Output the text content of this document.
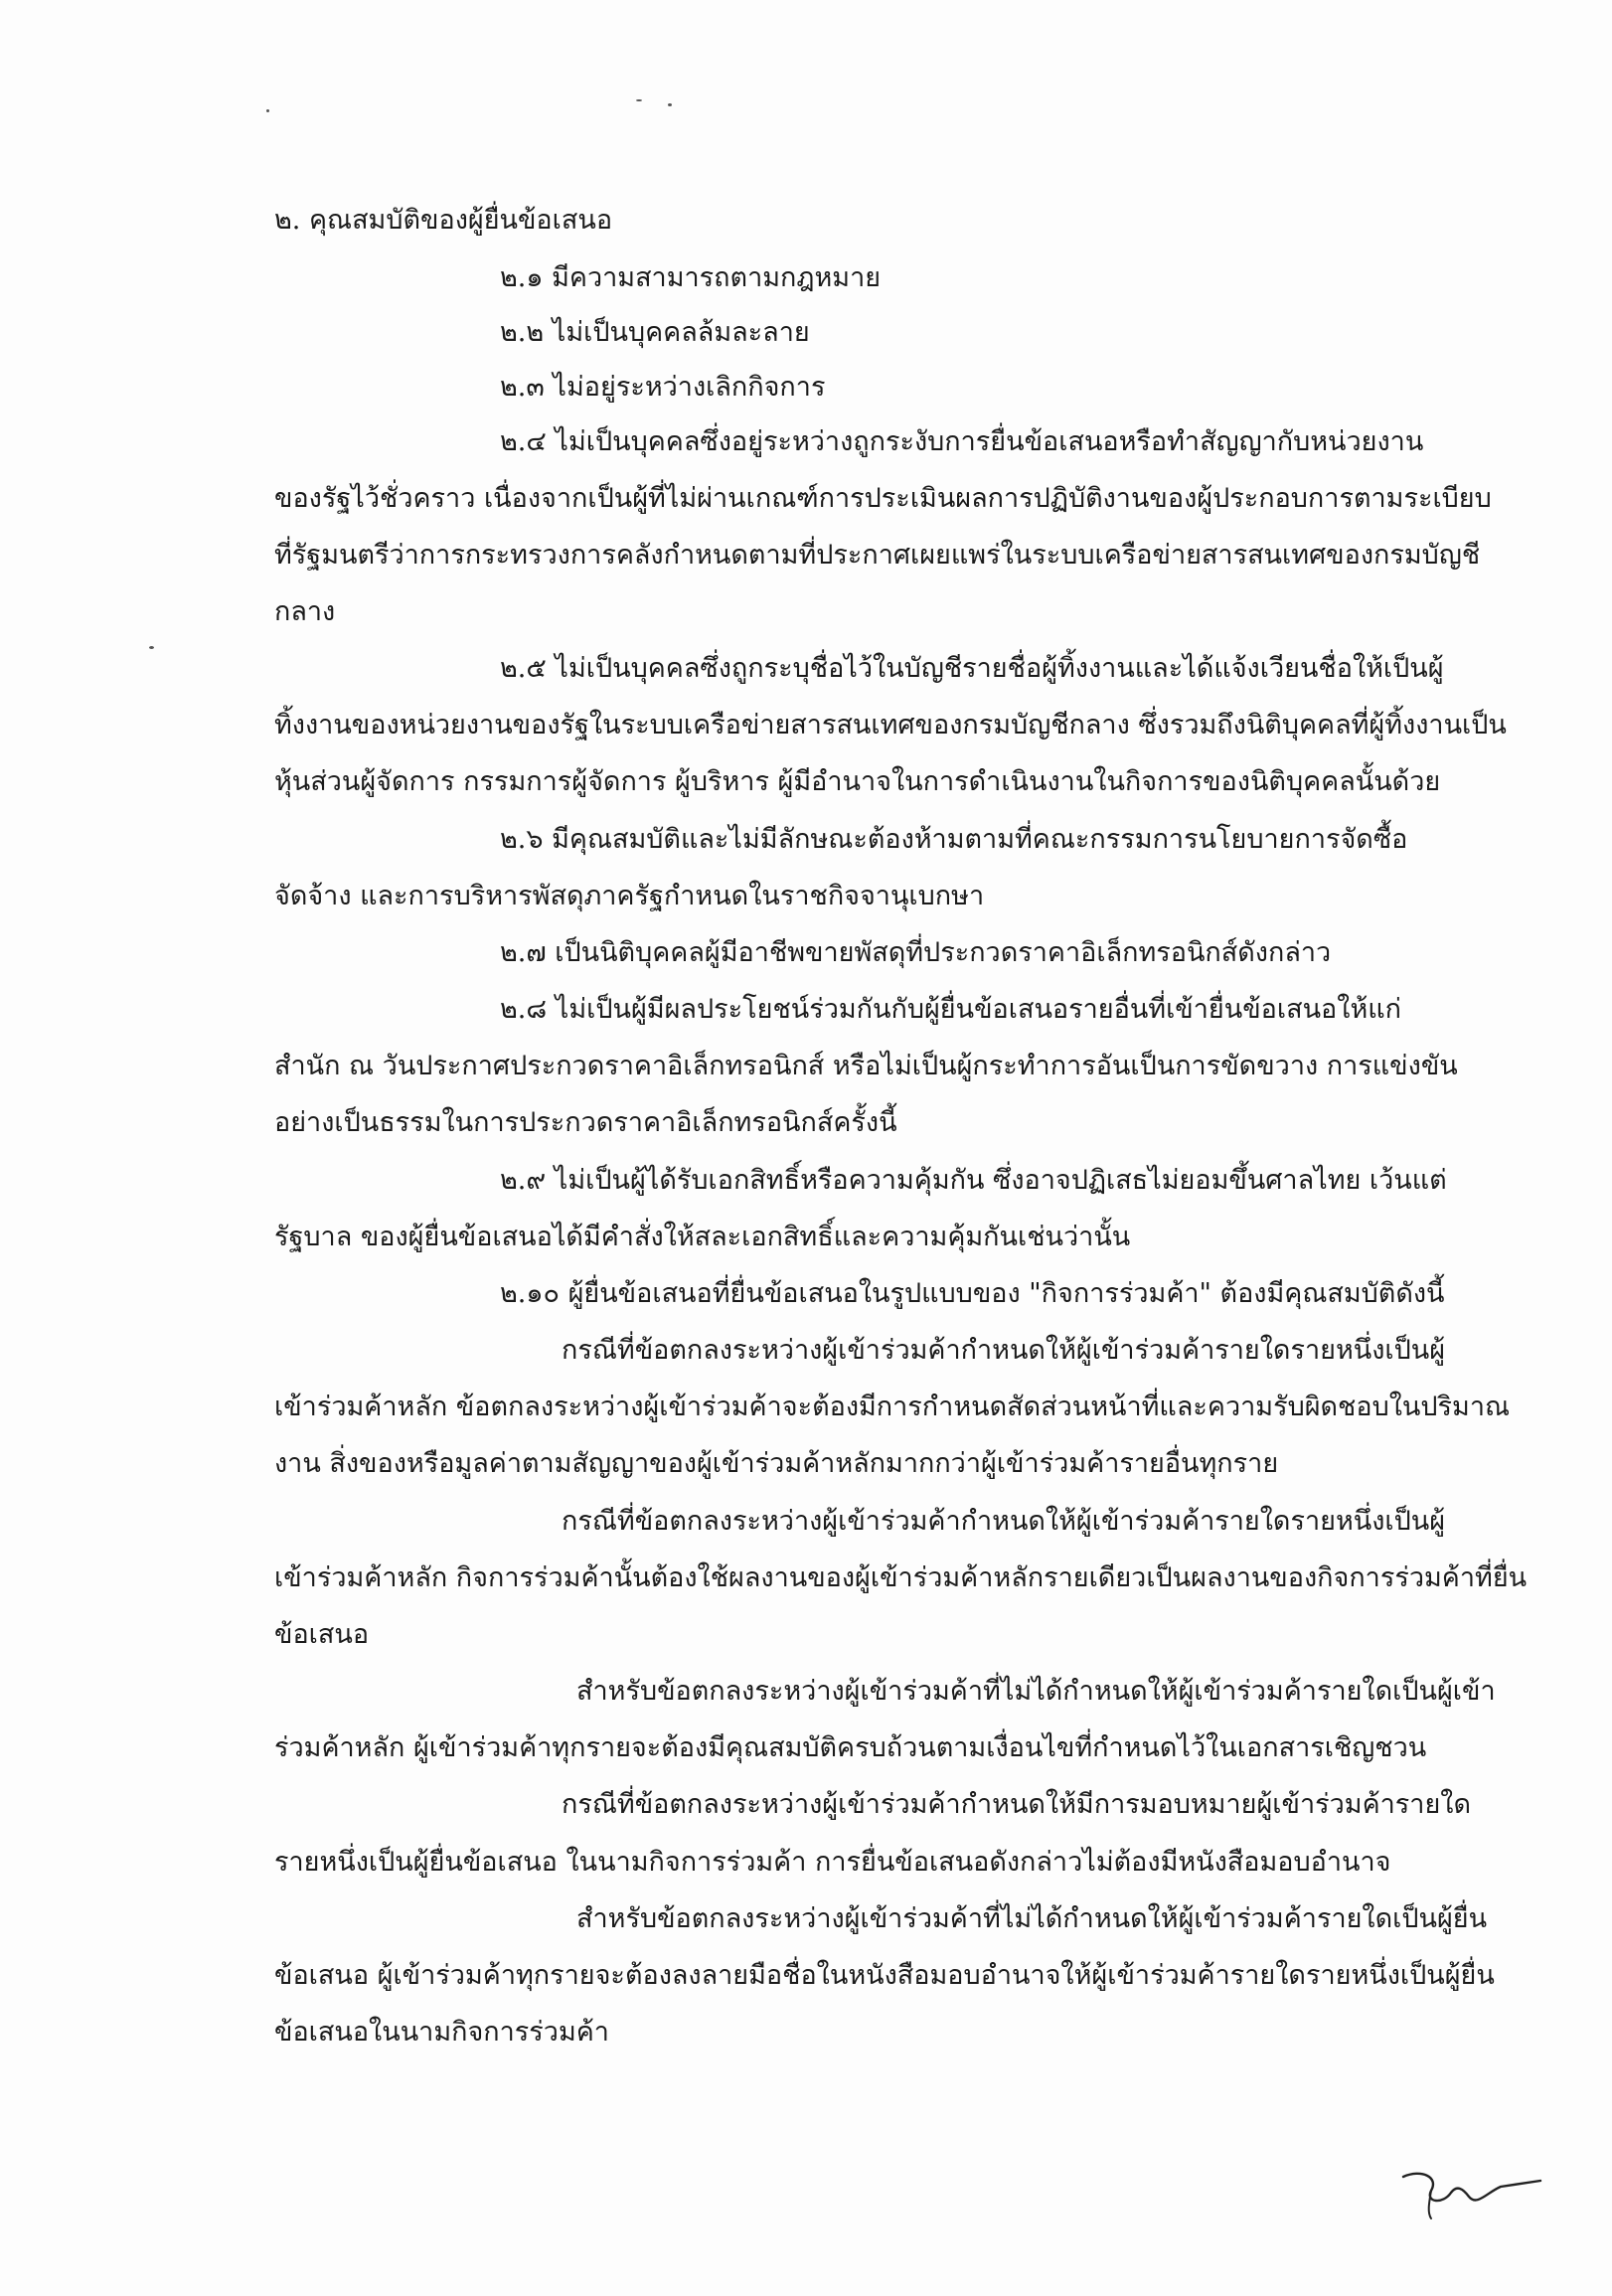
๒. คุณสมบัติของผู้ยื่นข้อเสนอ
๒.๑ มีความสามารถตามกฎหมาย
๒.๒ ไม่เป็นบุคคลล้มละลาย
๒.๓ ไม่อยู่ระหว่างเลิกกิจการ
๒.๔ ไม่เป็นบุคคลซึ่งอยู่ระหว่างถูกระงับการยื่นข้อเสนอหรือทำสัญญากับหน่วยงาน
ของรัฐไว้ชั่วคราว เนื่องจากเป็นผู้ที่ไม่ผ่านเกณฑ์การประเมินผลการปฏิบัติงานของผู้ประกอบการตามระเบียบ
ที่รัฐมนตรีว่าการกระทรวงการคลังกำหนดตามที่ประกาศเผยแพร่ในระบบเครือข่ายสารสนเทศของกรมบัญชี
กลาง
๒.๕ ไม่เป็นบุคคลซึ่งถูกระบุชื่อไว้ในบัญชีรายชื่อผู้ทิ้งงานและได้แจ้งเวียนชื่อให้เป็นผู้
ทิ้งงานของหน่วยงานของรัฐในระบบเครือข่ายสารสนเทศของกรมบัญชีกลาง ซึ่งรวมถึงนิติบุคคลที่ผู้ทิ้งงานเป็น
หุ้นส่วนผู้จัดการ กรรมการผู้จัดการ ผู้บริหาร ผู้มีอำนาจในการดำเนินงานในกิจการของนิติบุคคลนั้นด้วย
๒.๖ มีคุณสมบัติและไม่มีลักษณะต้องห้ามตามที่คณะกรรมการนโยบายการจัดซื้อ
จัดจ้าง และการบริหารพัสดุภาครัฐกำหนดในราชกิจจานุเบกษา
๒.๗ เป็นนิติบุคคลผู้มีอาชีพขายพัสดุที่ประกวดราคาอิเล็กทรอนิกส์ดังกล่าว
๒.๘ ไม่เป็นผู้มีผลประโยชน์ร่วมกันกับผู้ยื่นข้อเสนอรายอื่นที่เข้ายื่นข้อเสนอให้แก่
สำนัก ณ วันประกาศประกวดราคาอิเล็กทรอนิกส์ หรือไม่เป็นผู้กระทำการอันเป็นการขัดขวาง การแข่งขัน
อย่างเป็นธรรมในการประกวดราคาอิเล็กทรอนิกส์ครั้งนี้
๒.๙ ไม่เป็นผู้ได้รับเอกสิทธิ์หรือความคุ้มกัน ซึ่งอาจปฏิเสธไม่ยอมขึ้นศาลไทย เว้นแต่
รัฐบาล ของผู้ยื่นข้อเสนอได้มีคำสั่งให้สละเอกสิทธิ์และความคุ้มกันเช่นว่านั้น
๒.๑๐ ผู้ยื่นข้อเสนอที่ยื่นข้อเสนอในรูปแบบของ "กิจการร่วมค้า" ต้องมีคุณสมบัติดังนี้
กรณีที่ข้อตกลงระหว่างผู้เข้าร่วมค้ากำหนดให้ผู้เข้าร่วมค้ารายใดรายหนึ่งเป็นผู้
เข้าร่วมค้าหลัก ข้อตกลงระหว่างผู้เข้าร่วมค้าจะต้องมีการกำหนดสัดส่วนหน้าที่และความรับผิดชอบในปริมาณ
งาน สิ่งของหรือมูลค่าตามสัญญาของผู้เข้าร่วมค้าหลักมากกว่าผู้เข้าร่วมค้ารายอื่นทุกราย
กรณีที่ข้อตกลงระหว่างผู้เข้าร่วมค้ากำหนดให้ผู้เข้าร่วมค้ารายใดรายหนึ่งเป็นผู้
เข้าร่วมค้าหลัก กิจการร่วมค้านั้นต้องใช้ผลงานของผู้เข้าร่วมค้าหลักรายเดียวเป็นผลงานของกิจการร่วมค้าที่ยื่น
ข้อเสนอ
สำหรับข้อตกลงระหว่างผู้เข้าร่วมค้าที่ไม่ได้กำหนดให้ผู้เข้าร่วมค้ารายใดเป็นผู้เข้า
ร่วมค้าหลัก ผู้เข้าร่วมค้าทุกรายจะต้องมีคุณสมบัติครบถ้วนตามเงื่อนไขที่กำหนดไว้ในเอกสารเชิญชวน
กรณีที่ข้อตกลงระหว่างผู้เข้าร่วมค้ากำหนดให้มีการมอบหมายผู้เข้าร่วมค้ารายใด
รายหนึ่งเป็นผู้ยื่นข้อเสนอ ในนามกิจการร่วมค้า การยื่นข้อเสนอดังกล่าวไม่ต้องมีหนังสือมอบอำนาจ
สำหรับข้อตกลงระหว่างผู้เข้าร่วมค้าที่ไม่ได้กำหนดให้ผู้เข้าร่วมค้ารายใดเป็นผู้ยื่น
ข้อเสนอ ผู้เข้าร่วมค้าทุกรายจะต้องลงลายมือชื่อในหนังสือมอบอำนาจให้ผู้เข้าร่วมค้ารายใดรายหนึ่งเป็นผู้ยื่น
ข้อเสนอในนามกิจการร่วมค้า
